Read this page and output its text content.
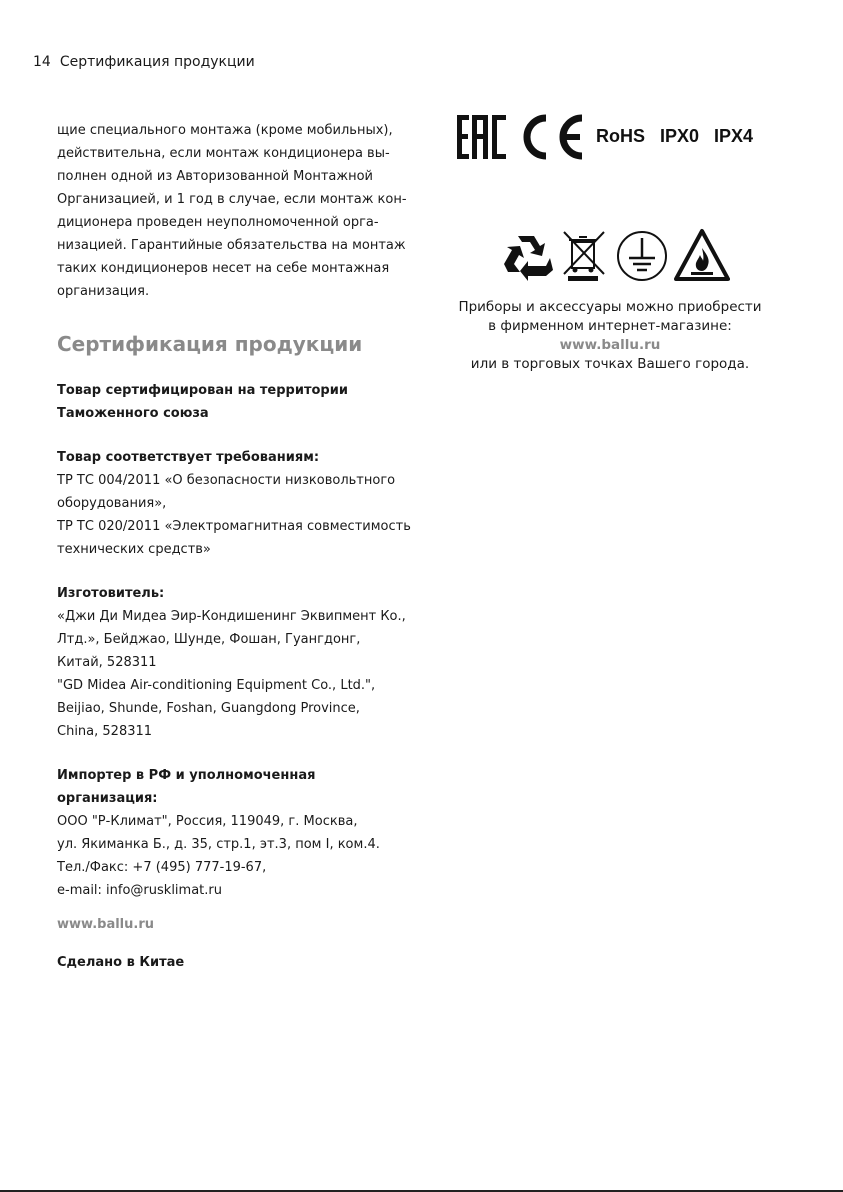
14 Сертификация продукции
щие специального монтажа (кроме мобильных),
действительна, если монтаж кондиционера вы-
полнен одной из Авторизованной Монтажной
Организацией, и 1 год в случае, если монтаж кон-
диционера проведен неуполномоченной орга-
низацией. Гарантийные обязательства на монтаж
таких кондиционеров несет на себе монтажная
организация.
Сертификация продукции
Товар сертифицирован на территории
Таможенного союза
Товар соответствует требованиям:
ТР ТС 004/2011 «О безопасности низковольтного
оборудования»,
ТР ТС 020/2011 «Электромагнитная совместимость
технических средств»
Изготовитель:
«Джи Ди Мидеа Эир-Кондишенинг Эквипмент Ко.,
Лтд.», Бейджао, Шунде, Фошан, Гуангдонг,
Китай, 528311
"GD Midea Air-conditioning Equipment Co., Ltd.",
Beijiao, Shunde, Foshan, Guangdong Province,
China, 528311
Импортер в РФ и уполномоченная
организация:
ООО "Р-Климат", Россия, 119049, г. Москва,
ул. Якиманка Б., д. 35, стр.1, эт.3, пом I, ком.4.
Тел./Факс: +7 (495) 777-19-67,
e-mail: info@rusklimat.ru
www.ballu.ru
Сделано в Китае
RoHS IPX0 IPX4
Приборы и аксессуары можно приобрести
в фирменном интернет-магазине:
www.ballu.ru
или в торговых точках Вашего города.
